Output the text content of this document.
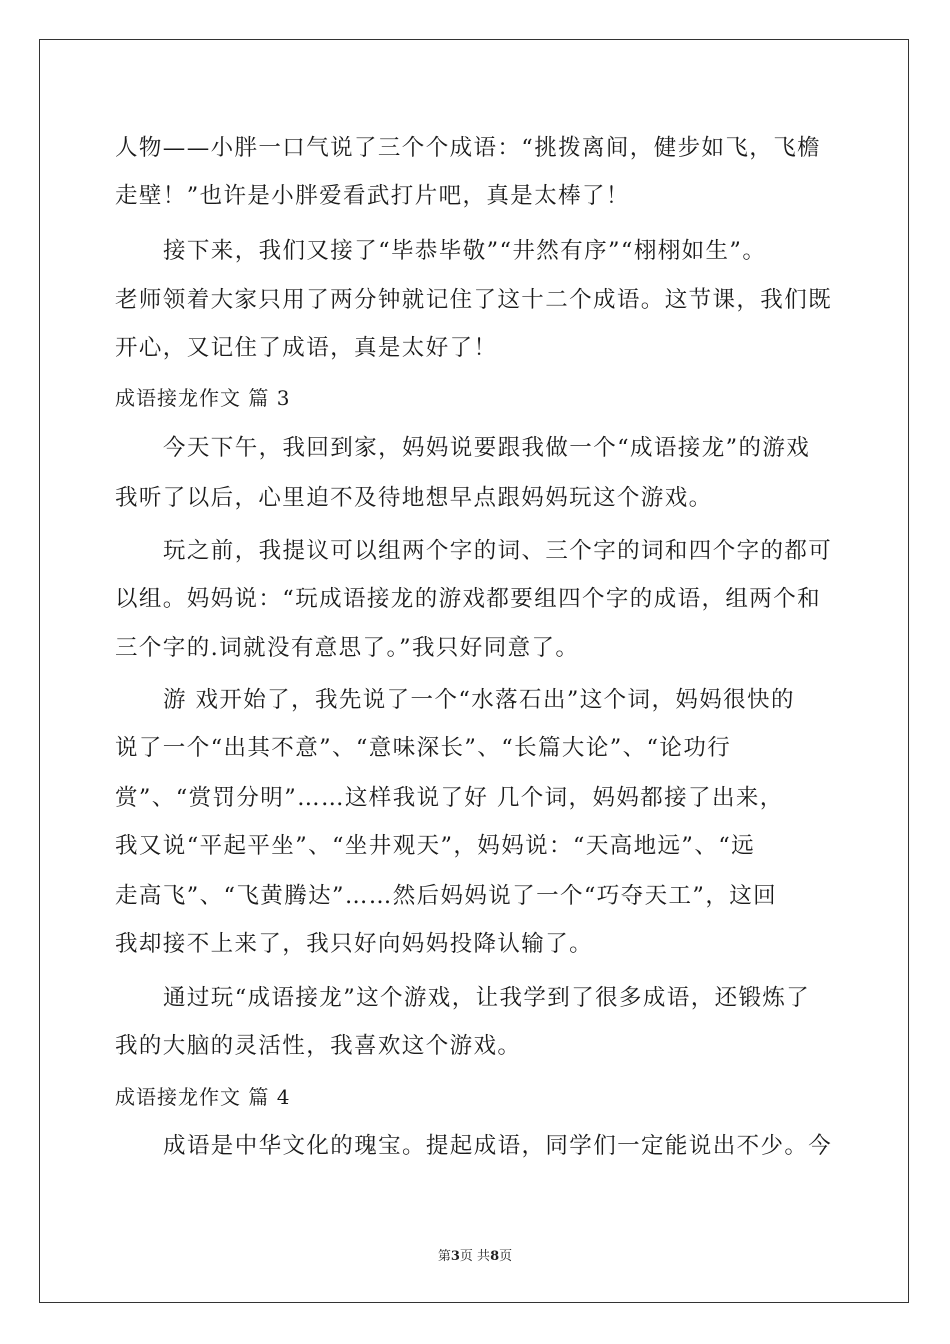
人物——小胖一口气说了三个个成语：“挑拨离间，健步如飞，飞檐
走壁！”也许是小胖爱看武打片吧，真是太棒了！
接下来，我们又接了“毕恭毕敬”“井然有序”“栩栩如生”。
老师领着大家只用了两分钟就记住了这十二个成语。这节课，我们既
开心，又记住了成语，真是太好了！
成语接龙作文 篇 3
今天下午，我回到家，妈妈说要跟我做一个“成语接龙”的游戏
我听了以后，心里迫不及待地想早点跟妈妈玩这个游戏。
玩之前，我提议可以组两个字的词、三个字的词和四个字的都可
以组。妈妈说：“玩成语接龙的游戏都要组四个字的成语，组两个和
三个字的.词就没有意思了。”我只好同意了。
游 戏开始了，我先说了一个“水落石出”这个词，妈妈很快的
说了一个“出其不意”、“意味深长”、“长篇大论”、“论功行
赏”、“赏罚分明”……这样我说了好 几个词，妈妈都接了出来，
我又说“平起平坐”、“坐井观天”，妈妈说：“天高地远”、“远
走高飞”、“飞黄腾达”……然后妈妈说了一个“巧夺天工”，这回
我却接不上来了，我只好向妈妈投降认输了。
通过玩“成语接龙”这个游戏，让我学到了很多成语，还锻炼了
我的大脑的灵活性，我喜欢这个游戏。
成语接龙作文 篇 4
成语是中华文化的瑰宝。提起成语，同学们一定能说出不少。今
第3页 共8页
